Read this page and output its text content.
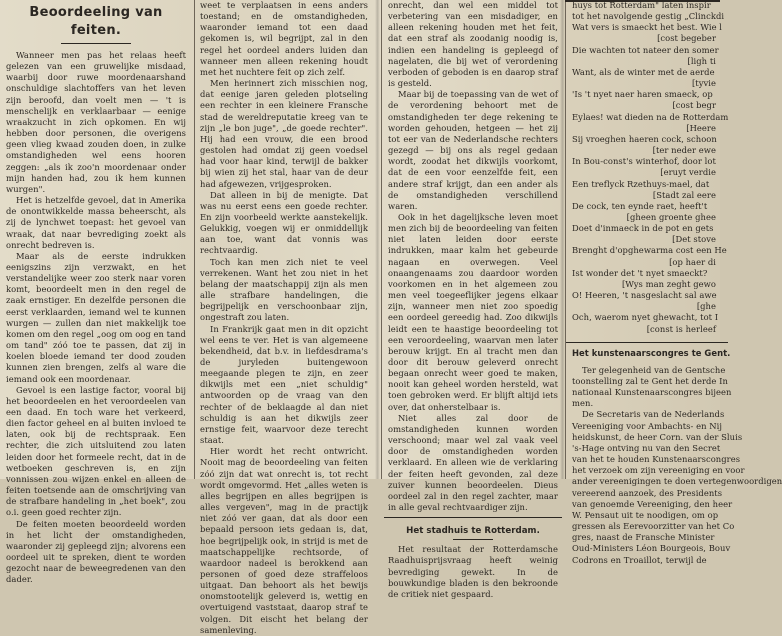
Beoordeeling van feiten.

Wanneer men pas het relaas heeft gelezen van een gruwelijke misdaad, waarbij door ruwe moordenaarshand onschuldige slachtoffers van het leven zijn beroofd, dan voelt men — 't is menschelijk en verklaarbaar — eenige wraakzucht in zich opkomen. En wij hebben door personen, die overigens geen vlieg kwaad zouden doen, in zulke omstandigheden wel eens hooren zeggen: „als ik zoo'n moordenaar onder mijn handen had, zou ik hem kunnen wurgen".

Het is hetzelfde gevoel, dat in Amerika de onontwikkelde massa beheerscht, als zij de lynchwet toepast: het gevoel van wraak, dat naar bevrediging zoekt als onrecht bedreven is.

Maar als de eerste indrukken eenigszins zijn verzwakt, en het verstandelijke weer zoo sterk naar voren komt, beoordeelt men in den regel de zaak ernstiger. En dezelfde personen die eerst verklaarden, iemand wel te kunnen wurgen — zullen dan niet makkelijk toe komen om den regel „oog om oog en tand om tand" zóó toe te passen, dat zij in koelen bloede iemand ter dood zouden kunnen zien brengen, zelfs al ware die iemand ook een moordenaar.

Gevoel is een lastige factor, vooral bij het beoordeelen en het veroordeelen van een daad. En toch ware het verkeerd, dien factor geheel en al buiten invloed te laten, ook bij de rechtspraak. Een rechter, die zich uitsluitend zou laten leiden door het formeele recht, dat in de wetboeken geschreven is, en zijn vonnissen zou wijzen enkel en alleen de feiten toetsende aan de omschrijving van de strafbare handeling in „het boek", zou o.i. geen goed rechter zijn.

De feiten moeten beoordeeld worden in het licht der omstandigheden, waaronder zij gepleegd zijn; alvorens een oordeel uit te spreken, dient te worden gezocht naar de beweegredenen van den dader.

weet te verplaatsen in eens anders toestand; en de omstandigheden, waaronder iemand tot een daad gekomen is, wil begrijpt, zal in den regel het oordeel anders luiden dan wanneer men alleen rekening houdt met het nuchtere feit op zich zelf.

Men herinnert zich misschien nog, dat eenige jaren geleden plotseling een rechter in een kleinere Fransche stad de wereldreputatie kreeg van te zijn „le bon juge", „de goede rechter". Hij had een vrouw, die een brood gestolen had omdat zij geen voedsel had voor haar kind, terwijl de bakker bij wien zij het stal, haar van de deur had afgewezen, vrijgesproken.

Dat alleen in bij de menigte. Dat was nu eerst eens een goede rechter. En zijn voorbeeld werkte aanstekelijk. Gelukkig, voegen wij er onmiddellijk aan toe, want dat vonnis was rechtvaardig.

Toch kan men zich niet te veel verrekenen. Want het zou niet in het belang der maatschappij zijn als men alle strafbare handelingen, die begrijpelijk en verschoonbaar zijn, ongestraft zou laten.

In Frankrijk gaat men in dit opzicht wel eens te ver. Het is van algemeene bekendheid, dat b.v. in liefdesdrama's de juryleden buitengewoon meegaande plegen te zijn, en zeer dikwijls met een „niet schuldig" antwoorden op de vraag van den rechter of de beklaagde al dan niet schuldig is aan het dikwijls zeer ernstige feit, waarvoor deze terecht staat.

Hier wordt het recht ontwricht. Nooit mag de beoordeeling van feiten zóó zijn dat wat onrecht is, tot recht wordt omgevormd. Het „alles weten is alles begrijpen en alles begrijpen is alles vergeven", mag in de practijk niet zóó ver gaan, dat als door een bepaald persoon iets gedaan is, dat, hoe begrijpelijk ook, in strijd is met de maatschappelijke rechtsorde, of waardoor nadeel is berokkend aan personen of goed deze straffeloos uitgaat. Dan behoort als het bewijs onomstootelijk geleverd is, wettig en overtuigend vaststaat, daarop straf te volgen. Dit eischt het belang der samenleving.

onrecht, dan wel een middel tot verbetering van een misdadiger, en alleen rekening houden met het feit, dat een straf als zoodanig noodig is, indien een handeling is gepleegd of nagelaten, die bij wet of verordening verboden of geboden is en daarop straf is gesteld.

Maar bij de toepassing van de wet of de verordening behoort met de omstandigheden ter dege rekening te worden gehouden, hetgeen — het zij tot eer van de Nederlandsche rechters gezegd — bij ons als regel gedaan wordt, zoodat het dikwijls voorkomt, dat de een voor eenzelfde feit, een andere straf krijgt, dan een ander als de omstandigheden verschillend waren.

Ook in het dagelijksche leven moet men zich bij de beoordeeling van feiten niet laten leiden door eerste indrukken, maar kalm het gebeurde nagaan en overwegen. Veel onaangenaams zou daardoor worden voorkomen en in het algemeen zou men veel toegeeflijker jegens elkaar zijn, wanneer men niet zoo spoedig een oordeel gereedig had. Zoo dikwijls leidt een te haastige beoordeeling tot een veroordeeling, waarvan men later berouw krijgt. En al tracht men dan door dit berouw geleverd onrecht begaan onrecht weer goed te maken, nooit kan geheel worden hersteld, wat toen gebroken werd. Er blijft altijd iets over, dat onherstelbaar is.

Niet alles zal door de omstandigheden kunnen worden verschoond; maar wel zal vaak veel door de omstandigheden worden verklaard. En alleen wie de verklaring der feiten heeft gevonden, zal deze zuiver kunnen beoordeelen. Dieus oordeel zal in den regel zachter, maar in alle geval rechtvaardiger zijn.

Het stadhuis te Rotterdam.

Het resultaat der Rotterdamsche Raadhuisprijsvraag heeft weinig bevrediging gewekt. In de bouwkundige bladen is den bekroonde de critiek niet gespaard.

huys tot Rotterdam" laten inspir

tot het navolgende gestig „Clinckdi

Wat vers is smaeckt het best. Wie l

[cost begeber

Die wachten tot nateer den somer

[ligh ti

Want, als de winter met de aerde

[tyvie

'Is 't nyet naer haren smaeck, op

[cost begr

Eylaes! wat dieden na de Rotterdam

[Heere

Sij vroeghen haeren cock, schoon

[ter neder ewe

In Bou-const's winterhof, door lot

[eruyt verdie

Een treflyck Rzethuys-mael, dat

[Stadt zal eere

De cock, ten eynde raet, heeft't

[gheen groente ghee

Doet d'inmaeck in de pot en gets

[Det stove

Brenght d'opghewarma cost een He

[op haer di

Ist wonder det 't nyet smaeckt?

[Wys man zeght gewo

O! Heeren, 't nasgeslacht sal awe

[ghe

Och, waerom nyet ghewacht, tot I

[const is herleef

Het kunstenaarscongres te Gent.

Ter gelegenheid van de Gentsche

toonstelling zal te Gent het derde In

nationaal Kunstenaarscongres bijeen

men.

De Secretaris van de Nederlands

Vereeniging voor Ambachts- en Nij

heidskunst, de heer Corn. van der Sluis

's-Hage ontving nu van den Secret

van het te houden Kunstenaarscongres

het verzoek om zijn vereeniging en voor

ander vereenigingen te doen vertegenwoordigen

vereerend aanzoek, des Presidents

van genoemde Vereeniging, den heer

W. Pensaut uit te noodigen, om op

gressen als Eerevoorzitter van het Co

gres, naast de Fransche Minister

Oud-Ministers Léon Bourgeois, Bouv

Codrons en Troaillot, terwijl de
